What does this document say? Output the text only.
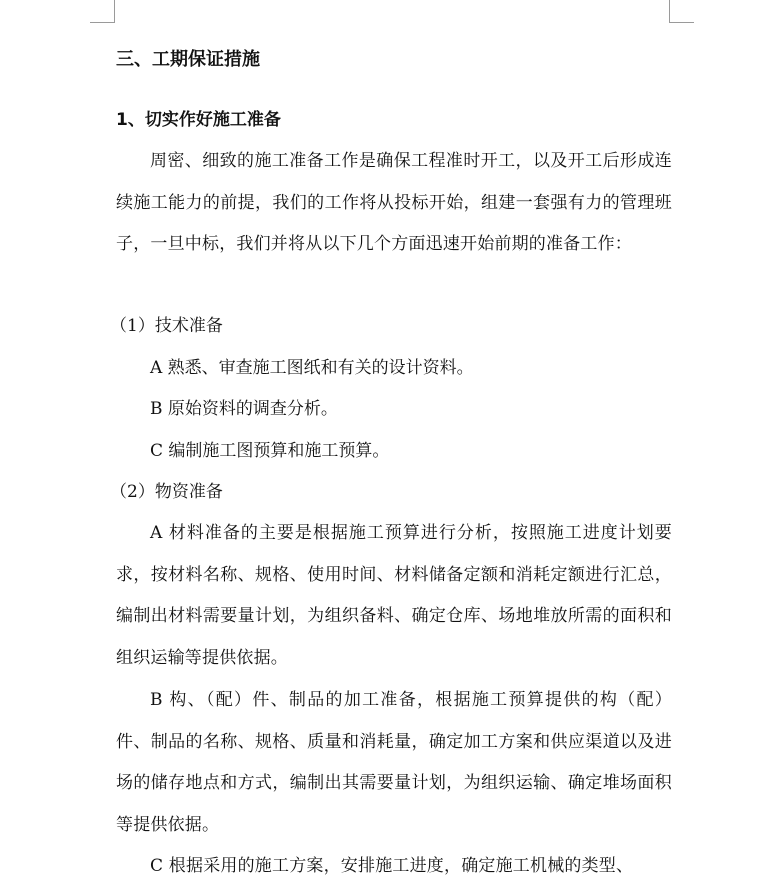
三、工期保证措施
1、切实作好施工准备

周密、细致的施工准备工作是确保工程准时开工，以及开工后形成连续施工能力的前提，我们的工作将从投标开始，组建一套强有力的管理班子，一旦中标，我们并将从以下几个方面迅速开始前期的准备工作：

（1）技术准备

A 熟悉、审查施工图纸和有关的设计资料。

B 原始资料的调查分析。

C 编制施工图预算和施工预算。

（2）物资准备

A 材料准备的主要是根据施工预算进行分析，按照施工进度计划要求，按材料名称、规格、使用时间、材料储备定额和消耗定额进行汇总，编制出材料需要量计划，为组织备料、确定仓库、场地堆放所需的面积和组织运输等提供依据。

B 构、（配）件、制品的加工准备，根据施工预算提供的构（配）件、制品的名称、规格、质量和消耗量，确定加工方案和供应渠道以及进场的储存地点和方式，编制出其需要量计划，为组织运输、确定堆场面积等提供依据。

C 根据采用的施工方案，安排施工进度，确定施工机械的类型、
